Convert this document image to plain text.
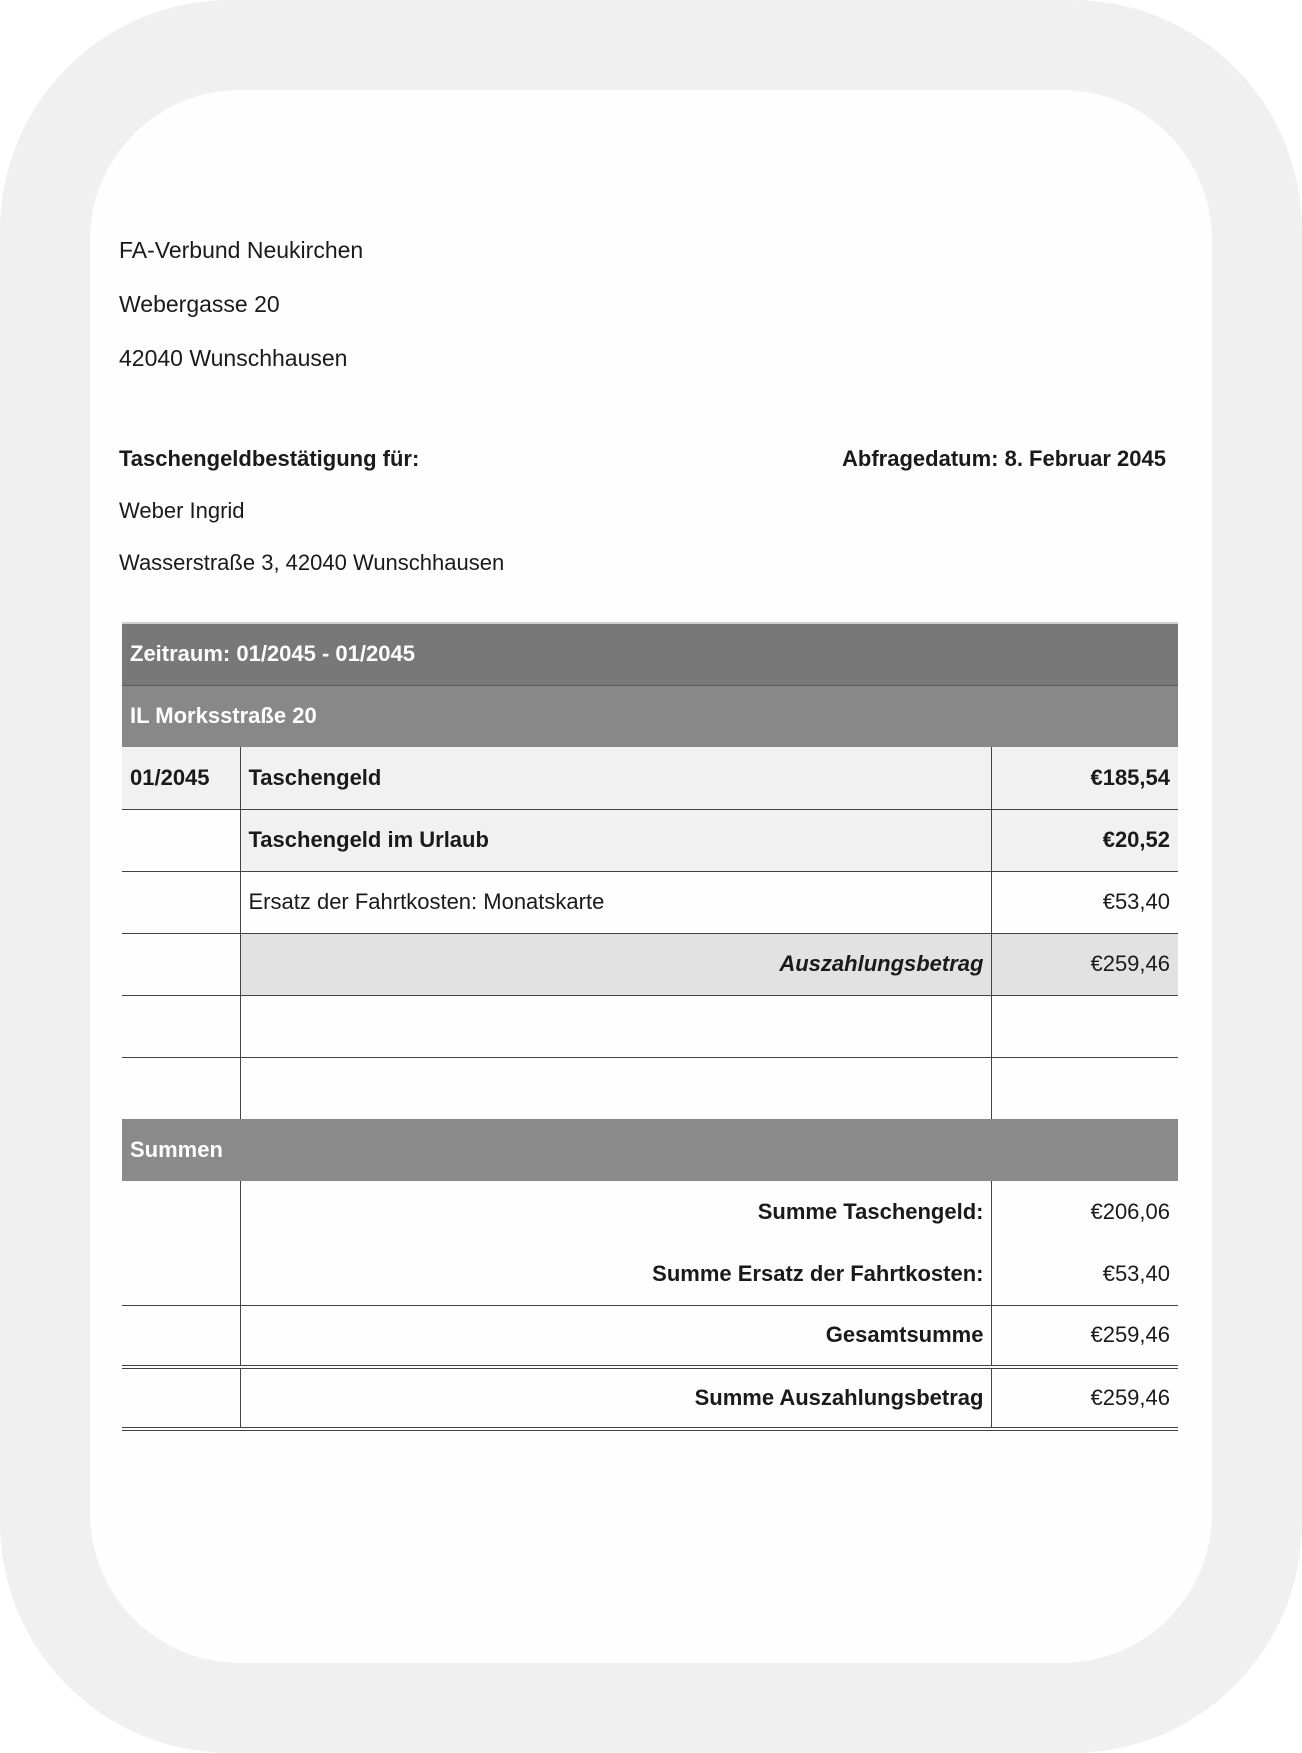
FA-Verbund Neukirchen
Webergasse 20
42040 Wunschhausen
Taschengeldbestätigung für:	Abfragedatum: 8. Februar 2045
Weber Ingrid
Wasserstraße 3, 42040 Wunschhausen
Zeitraum: 01/2045 - 01/2045		
IL Morksstraße 20		
01/2045	Taschengeld	€185,54
	Taschengeld im Urlaub	€20,52
	Ersatz der Fahrtkosten: Monatskarte	€53,40
	Auszahlungsbetrag	€259,46

Summen		
	Summe Taschengeld:	€206,06
	Summe Ersatz der Fahrtkosten:	€53,40
	Gesamtsumme	€259,46
	Summe Auszahlungsbetrag	€259,46
